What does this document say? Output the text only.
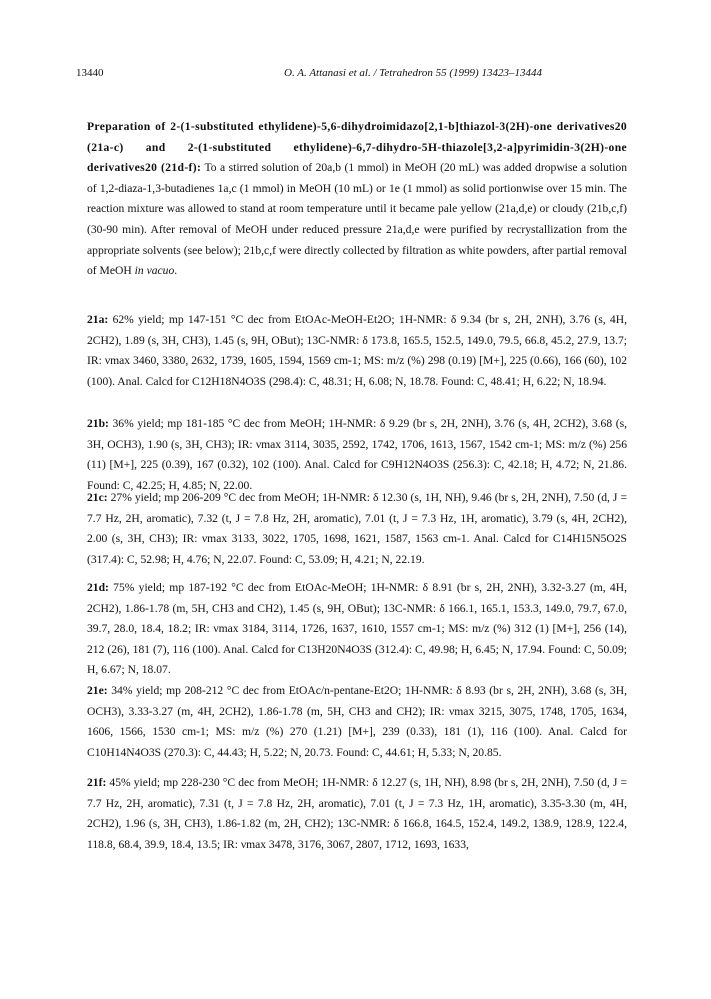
13440	O. A. Attanasi et al. / Tetrahedron 55 (1999) 13423–13444

Preparation of 2-(1-substituted ethylidene)-5,6-dihydroimidazo[2,1-b]thiazol-3(2H)-one derivatives20 (21a-c) and 2-(1-substituted ethylidene)-6,7-dihydro-5H-thiazole[3,2-a]pyrimidin-3(2H)-one derivatives20 (21d-f): To a stirred solution of 20a,b (1 mmol) in MeOH (20 mL) was added dropwise a solution of 1,2-diaza-1,3-butadienes 1a,c (1 mmol) in MeOH (10 mL) or 1e (1 mmol) as solid portionwise over 15 min. The reaction mixture was allowed to stand at room temperature until it became pale yellow (21a,d,e) or cloudy (21b,c,f) (30-90 min). After removal of MeOH under reduced pressure 21a,d,e were purified by recrystallization from the appropriate solvents (see below); 21b,c,f were directly collected by filtration as white powders, after partial removal of MeOH in vacuo.

21a: 62% yield; mp 147-151 °C dec from EtOAc-MeOH-Et2O; 1H-NMR: δ 9.34 (br s, 2H, 2NH), 3.76 (s, 4H, 2CH2), 1.89 (s, 3H, CH3), 1.45 (s, 9H, OBut); 13C-NMR: δ 173.8, 165.5, 152.5, 149.0, 79.5, 66.8, 45.2, 27.9, 13.7; IR: νmax 3460, 3380, 2632, 1739, 1605, 1594, 1569 cm-1; MS: m/z (%) 298 (0.19) [M+], 225 (0.66), 166 (60), 102 (100). Anal. Calcd for C12H18N4O3S (298.4): C, 48.31; H, 6.08; N, 18.78. Found: C, 48.41; H, 6.22; N, 18.94.

21b: 36% yield; mp 181-185 °C dec from MeOH; 1H-NMR: δ 9.29 (br s, 2H, 2NH), 3.76 (s, 4H, 2CH2), 3.68 (s, 3H, OCH3), 1.90 (s, 3H, CH3); IR: νmax 3114, 3035, 2592, 1742, 1706, 1613, 1567, 1542 cm-1; MS: m/z (%) 256 (11) [M+], 225 (0.39), 167 (0.32), 102 (100). Anal. Calcd for C9H12N4O3S (256.3): C, 42.18; H, 4.72; N, 21.86. Found: C, 42.25; H, 4.85; N, 22.00.

21c: 27% yield; mp 206-209 °C dec from MeOH; 1H-NMR: δ 12.30 (s, 1H, NH), 9.46 (br s, 2H, 2NH), 7.50 (d, J = 7.7 Hz, 2H, aromatic), 7.32 (t, J = 7.8 Hz, 2H, aromatic), 7.01 (t, J = 7.3 Hz, 1H, aromatic), 3.79 (s, 4H, 2CH2), 2.00 (s, 3H, CH3); IR: νmax 3133, 3022, 1705, 1698, 1621, 1587, 1563 cm-1. Anal. Calcd for C14H15N5O2S (317.4): C, 52.98; H, 4.76; N, 22.07. Found: C, 53.09; H, 4.21; N, 22.19.

21d: 75% yield; mp 187-192 °C dec from EtOAc-MeOH; 1H-NMR: δ 8.91 (br s, 2H, 2NH), 3.32-3.27 (m, 4H, 2CH2), 1.86-1.78 (m, 5H, CH3 and CH2), 1.45 (s, 9H, OBut); 13C-NMR: δ 166.1, 165.1, 153.3, 149.0, 79.7, 67.0, 39.7, 28.0, 18.4, 18.2; IR: νmax 3184, 3114, 1726, 1637, 1610, 1557 cm-1; MS: m/z (%) 312 (1) [M+], 256 (14), 212 (26), 181 (7), 116 (100). Anal. Calcd for C13H20N4O3S (312.4): C, 49.98; H, 6.45; N, 17.94. Found: C, 50.09; H, 6.67; N, 18.07.

21e: 34% yield; mp 208-212 °C dec from EtOAc/n-pentane-Et2O; 1H-NMR: δ 8.93 (br s, 2H, 2NH), 3.68 (s, 3H, OCH3), 3.33-3.27 (m, 4H, 2CH2), 1.86-1.78 (m, 5H, CH3 and CH2); IR: νmax 3215, 3075, 1748, 1705, 1634, 1606, 1566, 1530 cm-1; MS: m/z (%) 270 (1.21) [M+], 239 (0.33), 181 (1), 116 (100). Anal. Calcd for C10H14N4O3S (270.3): C, 44.43; H, 5.22; N, 20.73. Found: C, 44.61; H, 5.33; N, 20.85.

21f: 45% yield; mp 228-230 °C dec from MeOH; 1H-NMR: δ 12.27 (s, 1H, NH), 8.98 (br s, 2H, 2NH), 7.50 (d, J = 7.7 Hz, 2H, aromatic), 7.31 (t, J = 7.8 Hz, 2H, aromatic), 7.01 (t, J = 7.3 Hz, 1H, aromatic), 3.35-3.30 (m, 4H, 2CH2), 1.96 (s, 3H, CH3), 1.86-1.82 (m, 2H, CH2); 13C-NMR: δ 166.8, 164.5, 152.4, 149.2, 138.9, 128.9, 122.4, 118.8, 68.4, 39.9, 18.4, 13.5; IR: νmax 3478, 3176, 3067, 2807, 1712, 1693, 1633,
